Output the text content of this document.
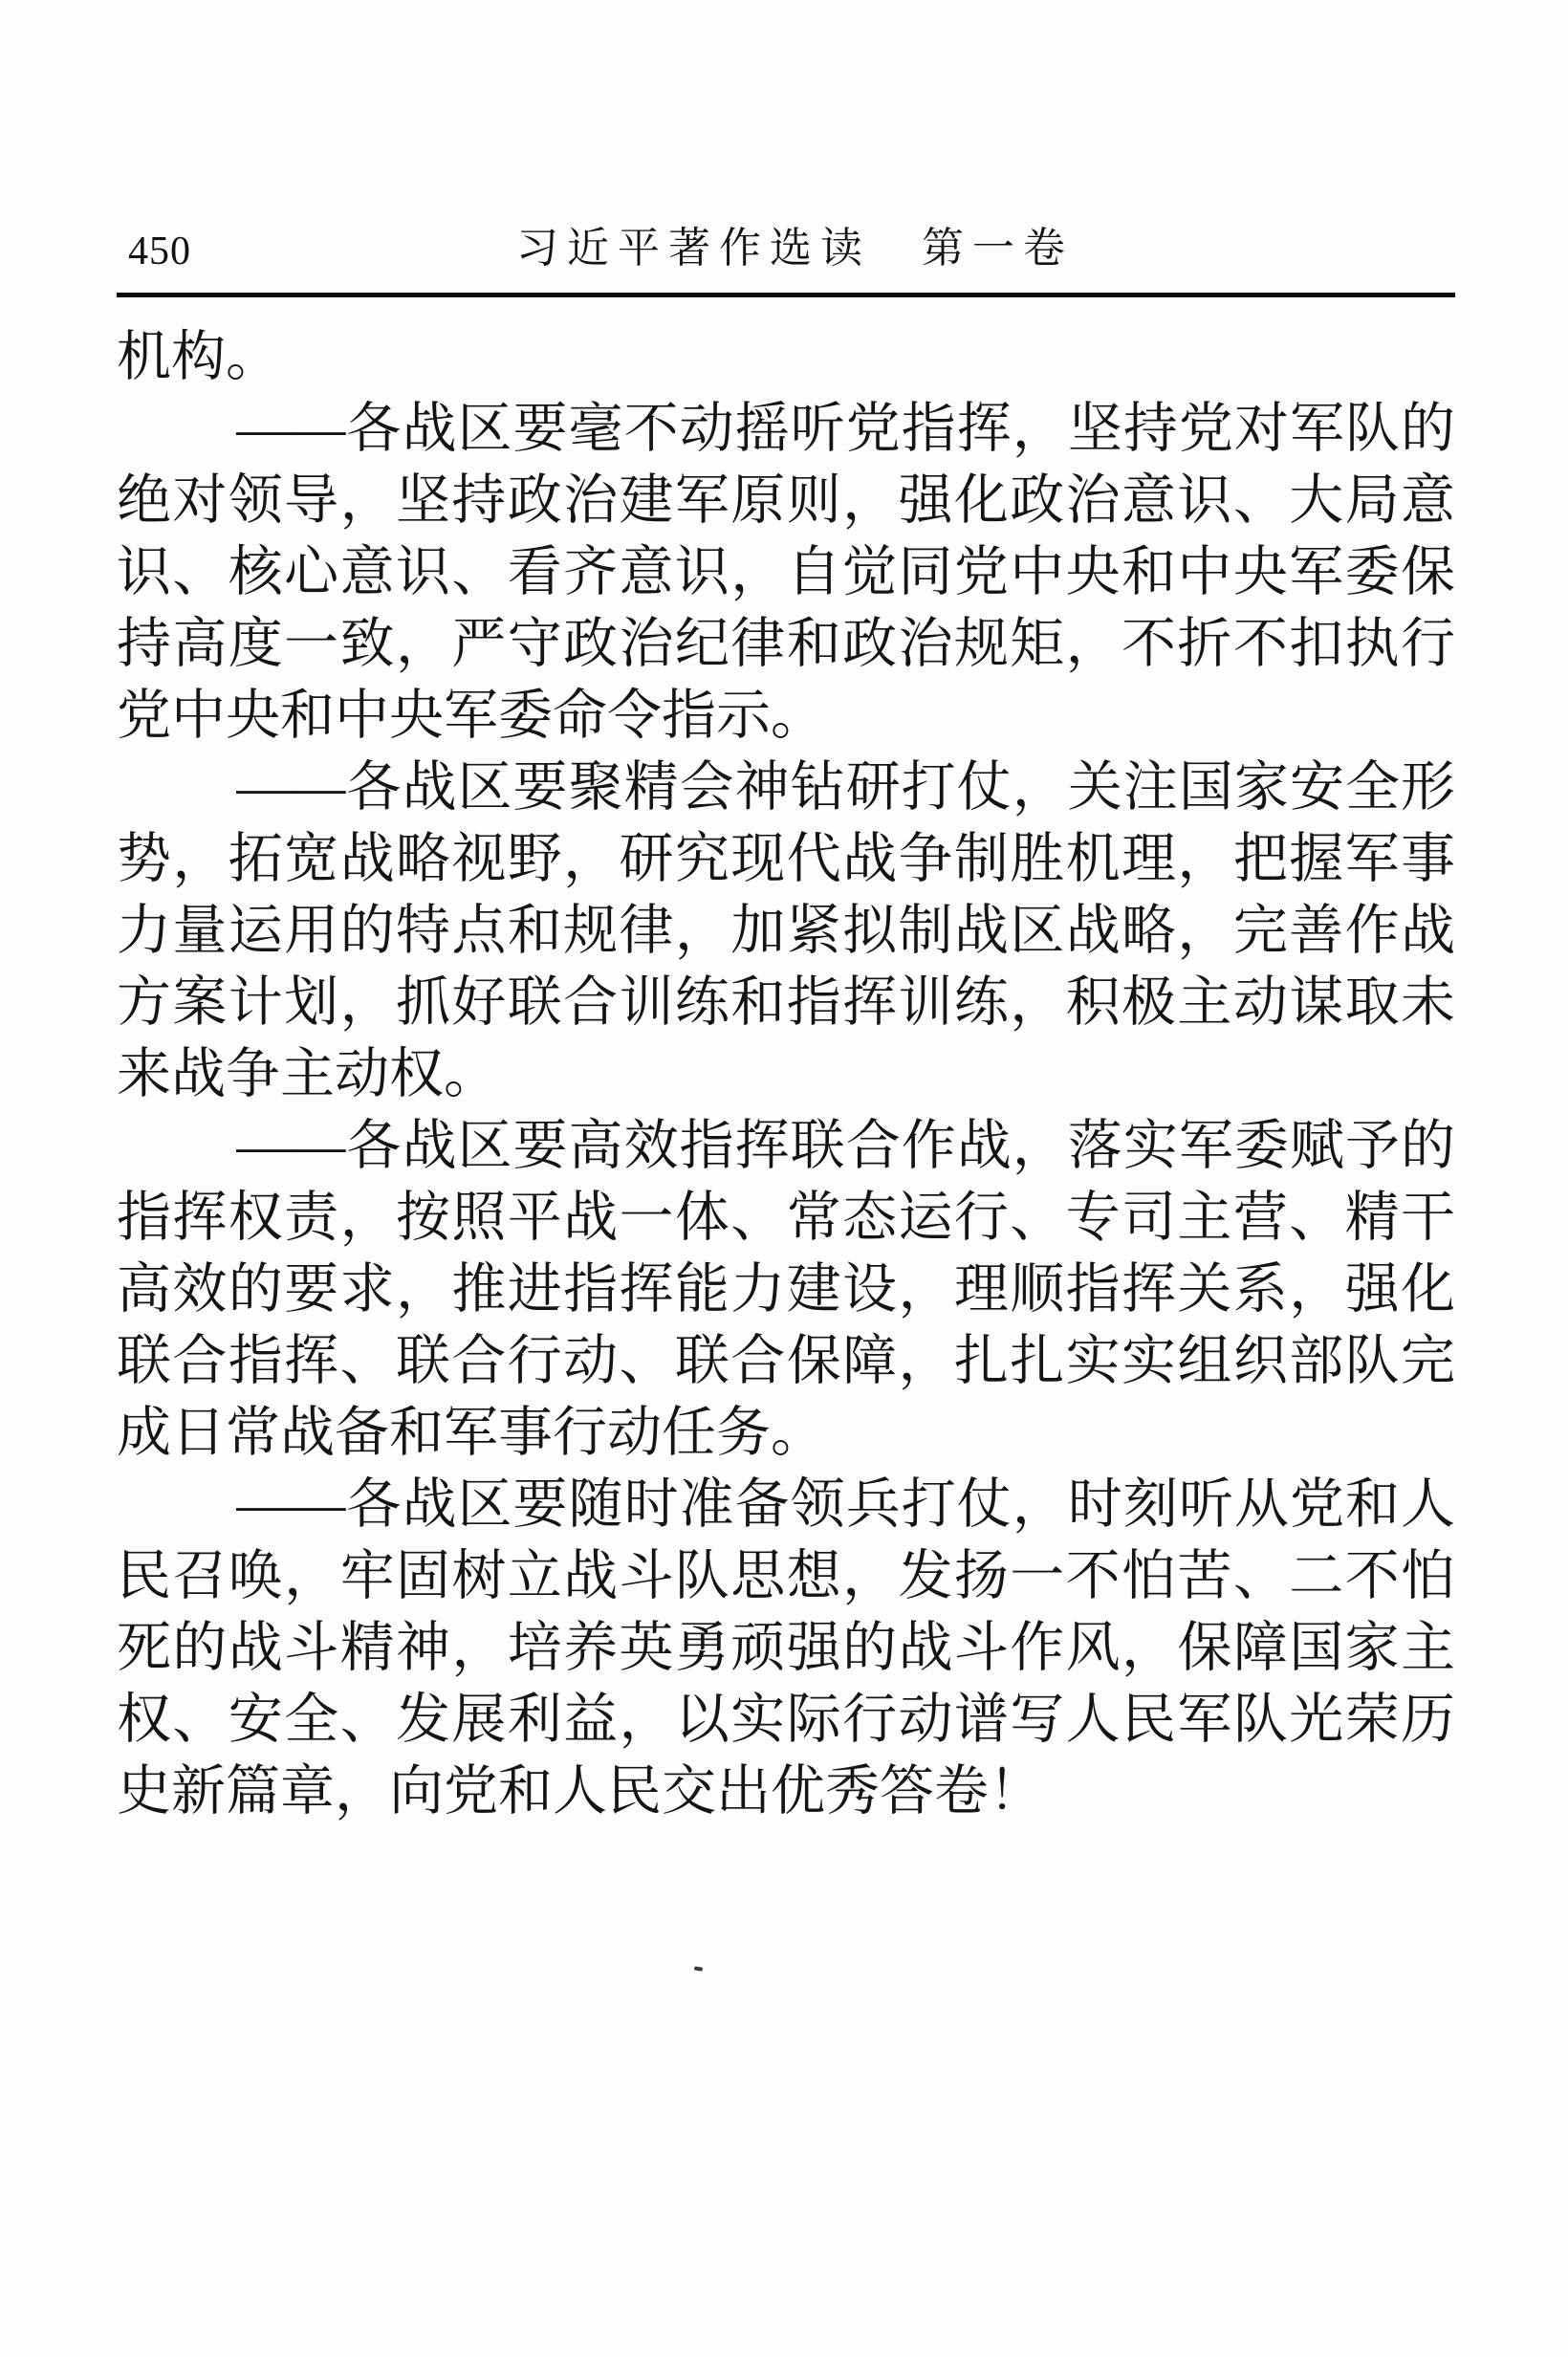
450	习近平著作选读　第一卷

机构。

——各战区要毫不动摇听党指挥，坚持党对军队的绝对领导，坚持政治建军原则，强化政治意识、大局意识、核心意识、看齐意识，自觉同党中央和中央军委保持高度一致，严守政治纪律和政治规矩，不折不扣执行党中央和中央军委命令指示。

——各战区要聚精会神钻研打仗，关注国家安全形势，拓宽战略视野，研究现代战争制胜机理，把握军事力量运用的特点和规律，加紧拟制战区战略，完善作战方案计划，抓好联合训练和指挥训练，积极主动谋取未来战争主动权。

——各战区要高效指挥联合作战，落实军委赋予的指挥权责，按照平战一体、常态运行、专司主营、精干高效的要求，推进指挥能力建设，理顺指挥关系，强化联合指挥、联合行动、联合保障，扎扎实实组织部队完成日常战备和军事行动任务。

——各战区要随时准备领兵打仗，时刻听从党和人民召唤，牢固树立战斗队思想，发扬一不怕苦、二不怕死的战斗精神，培养英勇顽强的战斗作风，保障国家主权、安全、发展利益，以实际行动谱写人民军队光荣历史新篇章，向党和人民交出优秀答卷！
